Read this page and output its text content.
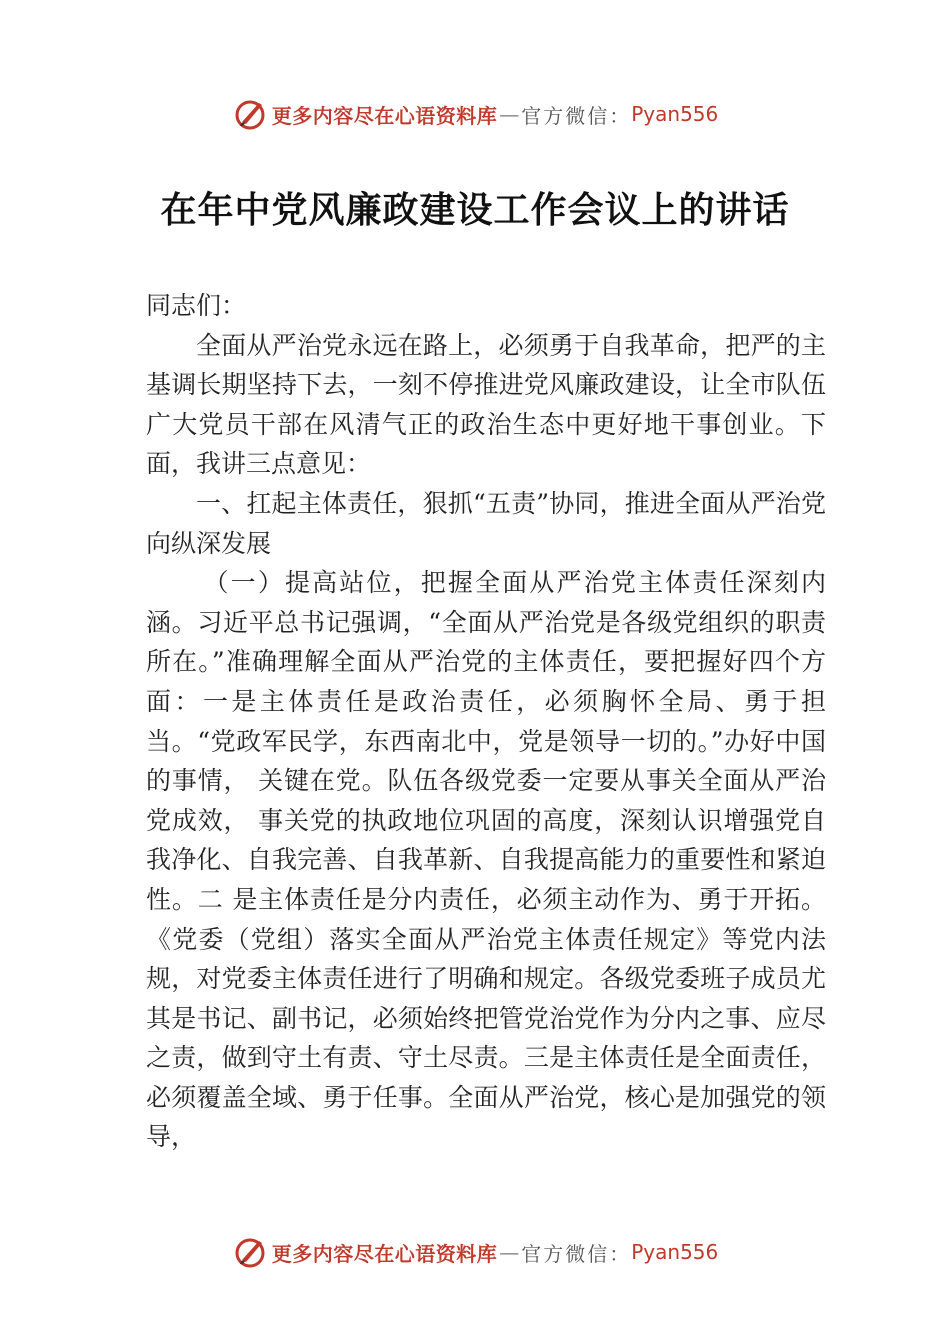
更多内容尽在心语资料库 — 官方微信： Pyan556
在年中党风廉政建设工作会议上的讲话

同志们：

全面从严治党永远在路上，必须勇于自我革命，把严的主基调长期坚持下去，一刻不停推进党风廉政建设，让全市队伍广大党员干部在风清气正的政治生态中更好地干事创业。下面，我讲三点意见：

一、扛起主体责任，狠抓“五责”协同，推进全面从严治党向纵深发展

（一）提高站位，把握全面从严治党主体责任深刻内涵。习近平总书记强调，“全面从严治党是各级党组织的职责所在。”准确理解全面从严治党的主体责任，要把握好四个方面：一是主体责任是政治责任，必须胸怀全局、勇于担当。“党政军民学，东西南北中，党是领导一切的。”办好中国的事情， 关键在党。队伍各级党委一定要从事关全面从严治党成效， 事关党的执政地位巩固的高度，深刻认识增强党自我净化、自我完善、自我革新、自我提高能力的重要性和紧迫性。二 是主体责任是分内责任，必须主动作为、勇于开拓。《党委（党组）落实全面从严治党主体责任规定》等党内法规，对党委主体责任进行了明确和规定。各级党委班子成员尤其是书记、副书记，必须始终把管党治党作为分内之事、应尽之责，做到守土有责、守土尽责。三是主体责任是全面责任，必须覆盖全域、勇于任事。全面从严治党，核心是加强党的领导，

更多内容尽在心语资料库 — 官方微信： Pyan556
